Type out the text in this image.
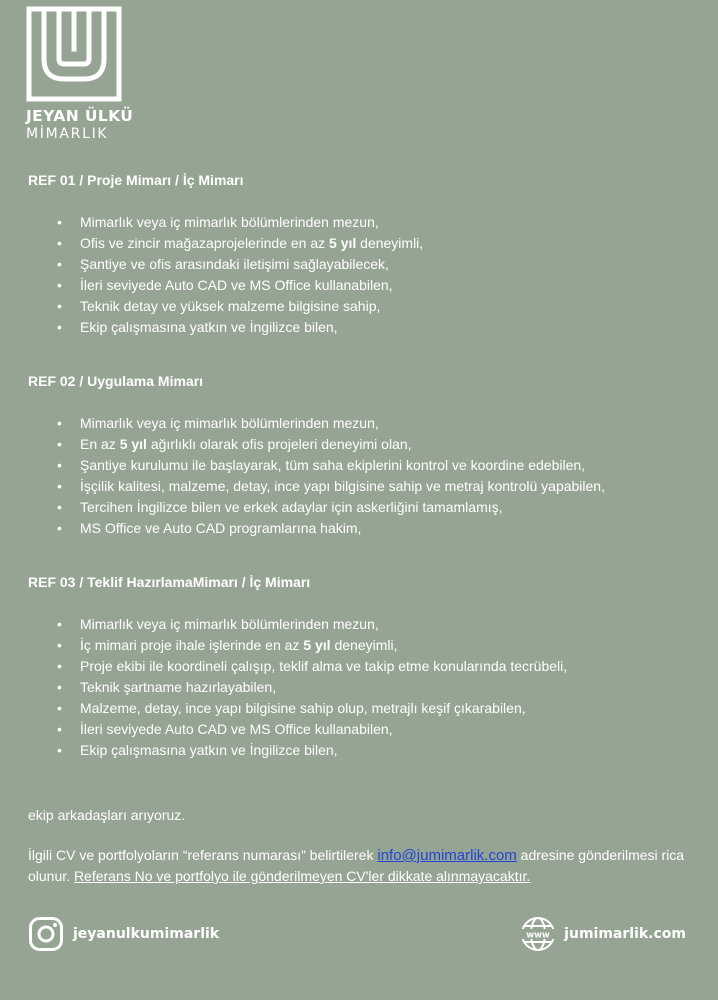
JEYAN ÜLKÜ
MİMARLIK
REF 01 / Proje Mimarı / İç Mimarı
• Mimarlık veya iç mimarlık bölümlerinden mezun,
• Ofis ve zincir mağazaprojelerinde en az 5 yıl deneyimli,
• Şantiye ve ofis arasındaki iletişimi sağlayabilecek,
• İleri seviyede Auto CAD ve MS Office kullanabilen,
• Teknik detay ve yüksek malzeme bilgisine sahip,
• Ekip çalışmasına yatkın ve İngilizce bilen,
REF 02 / Uygulama Mimarı
• Mimarlık veya iç mimarlık bölümlerinden mezun,
• En az 5 yıl ağırlıklı olarak ofis projeleri deneyimi olan,
• Şantiye kurulumu ile başlayarak, tüm saha ekiplerini kontrol ve koordine edebilen,
• İşçilik kalitesi, malzeme, detay, ince yapı bilgisine sahip ve metraj kontrolü yapabilen,
• Tercihen İngilizce bilen ve erkek adaylar için askerliğini tamamlamış,
• MS Office ve Auto CAD programlarına hakim,
REF 03 / Teklif HazırlamaMimarı / İç Mimarı
• Mimarlık veya iç mimarlık bölümlerinden mezun,
• İç mimari proje ihale işlerinde en az 5 yıl deneyimli,
• Proje ekibi ile koordineli çalışıp, teklif alma ve takip etme konularında tecrübeli,
• Teknik şartname hazırlayabilen,
• Malzeme, detay, ince yapı bilgisine sahip olup, metrajlı keşif çıkarabilen,
• İleri seviyede Auto CAD ve MS Office kullanabilen,
• Ekip çalışmasına yatkın ve İngilizce bilen,
ekip arkadaşları arıyoruz.
İlgili CV ve portfolyoların “referans numarası” belirtilerek info@jumimarlik.com adresine gönderilmesi rica olunur. Referans No ve portfolyo ile gönderilmeyen CV'ler dikkate alınmayacaktır.
jeyanulkumimarlik	www jumimarlik.com
